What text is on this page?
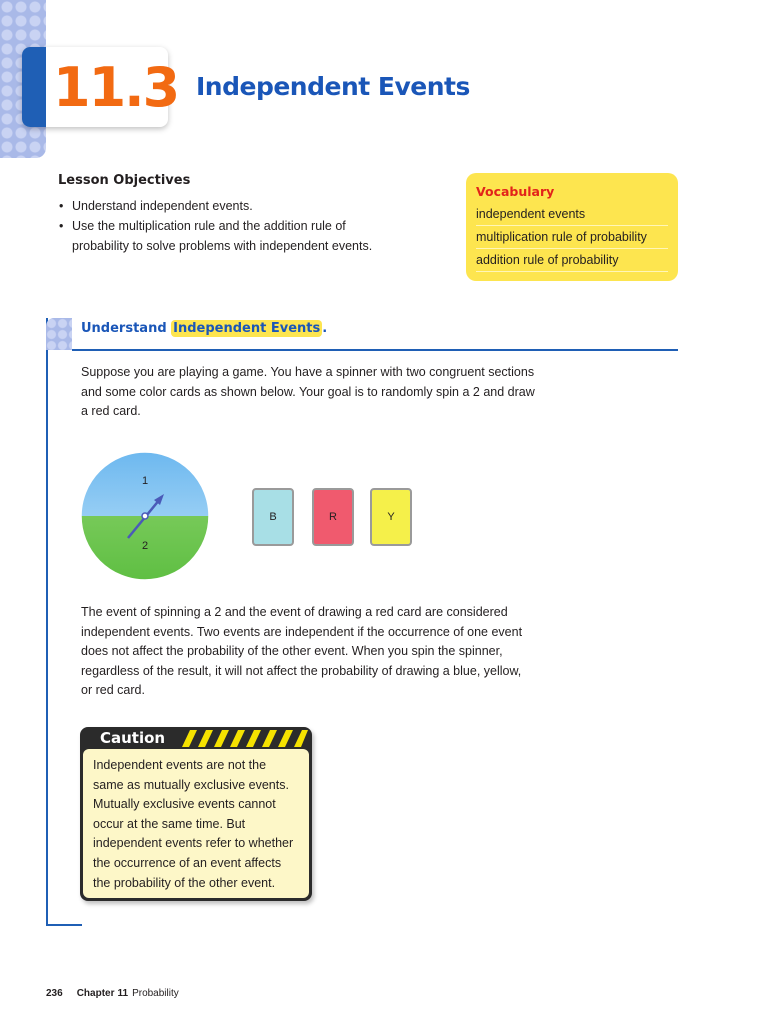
11.3 Independent Events
Lesson Objectives
• Understand independent events.
• Use the multiplication rule and the addition rule of
probability to solve problems with independent events.
Vocabulary
independent events
multiplication rule of probability
addition rule of probability
Understand Independent Events .
Suppose you are playing a game. You have a spinner with two congruent sections
and some color cards as shown below. Your goal is to randomly spin a 2 and draw
a red card.
1
2
B	R	Y
The event of spinning a 2 and the event of drawing a red card are considered
independent events. Two events are independent if the occurrence of one event
does not affect the probability of the other event. When you spin the spinner,
regardless of the result, it will not affect the probability of drawing a blue, yellow,
or red card.
Caution
Independent events are not the
same as mutually exclusive events.
Mutually exclusive events cannot
occur at the same time. But
independent events refer to whether
the occurrence of an event affects
the probability of the other event.
236 Chapter 11 Probability
